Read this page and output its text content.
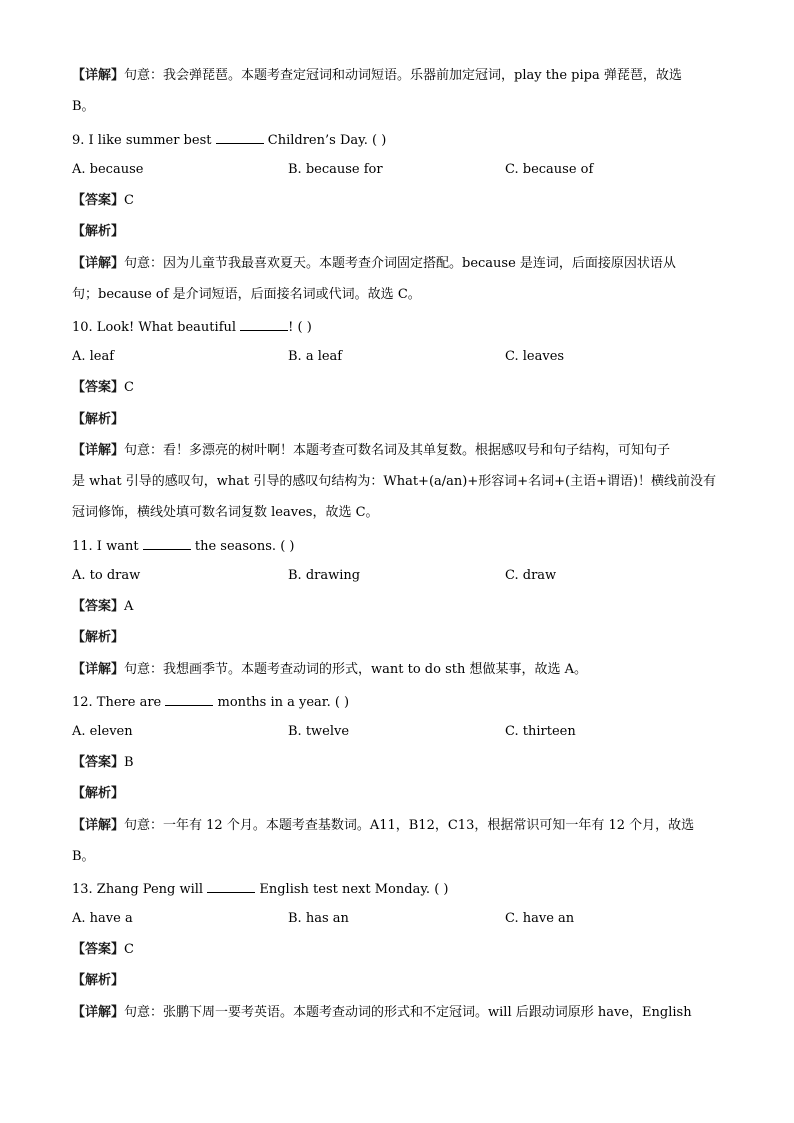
【详解】句意：我会弹琵琶。本题考查定冠词和动词短语。乐器前加定冠词，play the pipa 弹琵琶，故选
B。
9. I like summer best	Children’s Day. ( )
A. because	B. because for	C. because of
【答案】C
【解析】
【详解】句意：因为儿童节我最喜欢夏天。本题考查介词固定搭配。because 是连词，后面接原因状语从
句；because of 是介词短语，后面接名词或代词。故选 C。
10. Look! What beautiful	! ( )
A. leaf	B. a leaf	C. leaves
【答案】C
【解析】
【详解】句意：看！多漂亮的树叶啊！本题考查可数名词及其单复数。根据感叹号和句子结构，可知句子
是 what 引导的感叹句，what 引导的感叹句结构为：What+(a/an)+形容词+名词+(主语+谓语)！横线前没有
冠词修饰，横线处填可数名词复数 leaves，故选 C。
11. I want	the seasons. ( )
A. to draw	B. drawing	C. draw
【答案】A
【解析】
【详解】句意：我想画季节。本题考查动词的形式，want to do sth 想做某事，故选 A。
12. There are	months in a year. ( )
A. eleven	B. twelve	C. thirteen
【答案】B
【解析】
【详解】句意：一年有 12 个月。本题考查基数词。A11，B12，C13，根据常识可知一年有 12 个月，故选
B。
13. Zhang Peng will	English test next Monday. ( )
A. have a	B. has an	C. have an
【答案】C
【解析】
【详解】句意：张鹏下周一要考英语。本题考查动词的形式和不定冠词。will 后跟动词原形 have，English
